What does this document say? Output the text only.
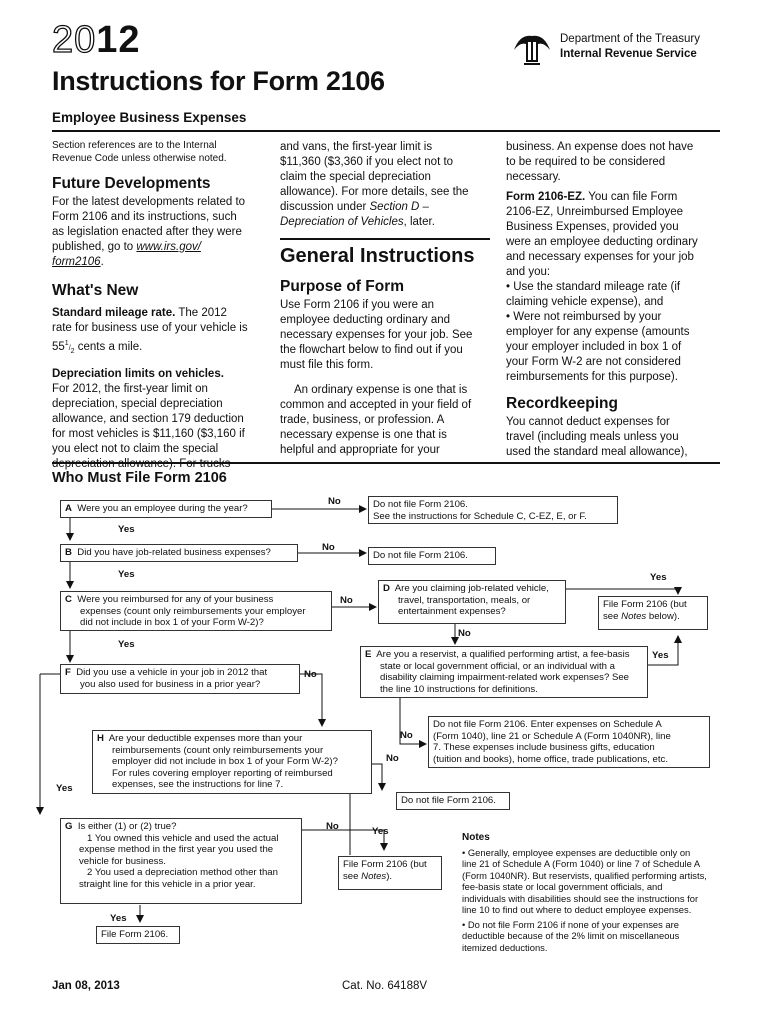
2012	Department of the Treasury
Internal Revenue Service
Instructions for Form 2106
Employee Business Expenses

Section references are to the Internal

Revenue Code unless otherwise noted.

Future Developments

For the latest developments related to

Form 2106 and its instructions, such

as legislation enacted after they were

published, go to www.irs.gov/

form2106.

What's New

Standard mileage rate. The 2012

rate for business use of your vehicle is

$55^1/_2$ cents a mile.

Depreciation limits on vehicles.

For 2012, the first-year limit on

depreciation, special depreciation

allowance, and section 179 deduction

for most vehicles is $11,160 ($3,160 if

you elect not to claim the special

depreciation allowance). For trucks

and vans, the first-year limit is

$11,360 ($3,360 if you elect not to

claim the special depreciation

allowance). For more details, see the

discussion under Section D –

Depreciation of Vehicles, later.

General Instructions

Purpose of Form

Use Form 2106 if you were an

employee deducting ordinary and

necessary expenses for your job. See

the flowchart below to find out if you

must file this form.

An ordinary expense is one that is

common and accepted in your field of

trade, business, or profession. A

necessary expense is one that is

helpful and appropriate for your

business. An expense does not have

to be required to be considered

necessary.

Form 2106-EZ. You can file Form

2106-EZ, Unreimbursed Employee

Business Expenses, provided you

were an employee deducting ordinary

and necessary expenses for your job

and you:

• Use the standard mileage rate (if

claiming vehicle expense), and

• Were not reimbursed by your

employer for any expense (amounts

your employer included in box 1 of

your Form W-2 are not considered

reimbursements for this purpose).

Recordkeeping

You cannot deduct expenses for

travel (including meals unless you

used the standard meal allowance),

Who Must File Form 2106
A Were you an employee during the year?
No	Do not file Form 2106.
See the instructions for Schedule C, C-EZ, E, or F.
Yes
B Did you have job-related business expenses?	No
Do not file Form 2106.
Yes
C Were you reimbursed for any of your business
expenses (count only reimbursements your employer
did not include in box 1 of your Form W-2)?
No
D Are you claiming job-related vehicle,
travel, transportation, meals, or
entertainment expenses?
Yes
File Form 2106 (but
see Notes below).
No
Yes
E Are you a reservist, a qualified performing artist, a fee-basis
state or local government official, or an individual with a
disability claiming impairment-related work expenses? See
the line 10 instructions for definitions.
Yes
F Did you use a vehicle in your job in 2012 that
you also used for business in a prior year?
No
Do not file Form 2106. Enter expenses on Schedule A
(Form 1040), line 21 or Schedule A (Form 1040NR), line
7. These expenses include business gifts, education
(tuition and books), home office, trade publications, etc.
No
H Are your deductible expenses more than your
reimbursements (count only reimbursements your
employer did not include in box 1 of your Form W-2)?
For rules covering employer reporting of reimbursed
expenses, see the instructions for line 7.
No
Yes
Do not file Form 2106.
G Is either (1) or (2) true?
1 You owned this vehicle and used the actual
expense method in the first year you used the
vehicle for business.
2 You used a depreciation method other than
straight line for this vehicle in a prior year.
No	Yes
File Form 2106 (but
see Notes).
Yes
File Form 2106.
Notes
• Generally, employee expenses are deductible only on
line 21 of Schedule A (Form 1040) or line 7 of Schedule A
(Form 1040NR). But reservists, qualified performing artists,
fee-basis state or local government officials, and
individuals with disabilities should see the instructions for
line 10 to find out where to deduct employee expenses.
• Do not file Form 2106 if none of your expenses are
deductible because of the 2% limit on miscellaneous
itemized deductions.
Jan 08, 2013	Cat. No. 64188V
